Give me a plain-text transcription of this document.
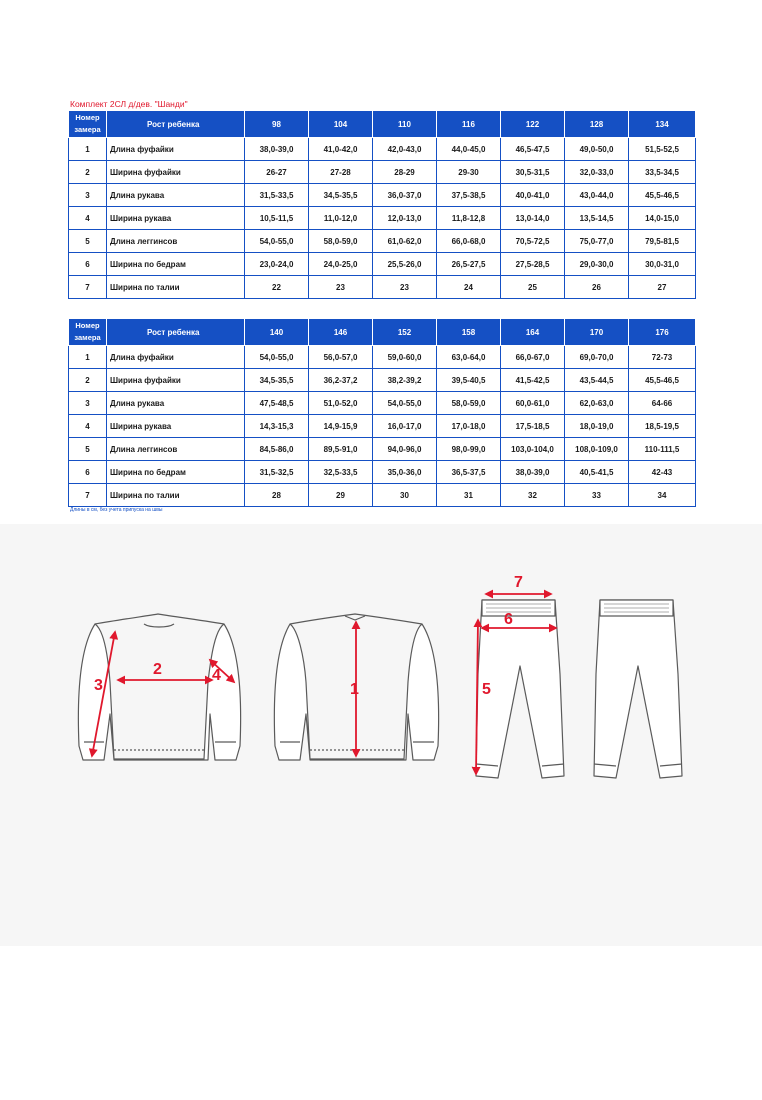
Комплект 2СЛ д/дев. "Шанди"
Номер
замера	Рост ребенка	98	104	110	116	122	128	134
1	Длина фуфайки	38,0-39,0	41,0-42,0	42,0-43,0	44,0-45,0	46,5-47,5	49,0-50,0	51,5-52,5
2	Ширина фуфайки	26-27	27-28	28-29	29-30	30,5-31,5	32,0-33,0	33,5-34,5
3	Длина рукава	31,5-33,5	34,5-35,5	36,0-37,0	37,5-38,5	40,0-41,0	43,0-44,0	45,5-46,5
4	Ширина рукава	10,5-11,5	11,0-12,0	12,0-13,0	11,8-12,8	13,0-14,0	13,5-14,5	14,0-15,0
5	Длина леггинсов	54,0-55,0	58,0-59,0	61,0-62,0	66,0-68,0	70,5-72,5	75,0-77,0	79,5-81,5
6	Ширина по бедрам	23,0-24,0	24,0-25,0	25,5-26,0	26,5-27,5	27,5-28,5	29,0-30,0	30,0-31,0
7	Ширина по талии	22	23	23	24	25	26	27
Номер
замера	Рост ребенка	140	146	152	158	164	170	176
1	Длина фуфайки	54,0-55,0	56,0-57,0	59,0-60,0	63,0-64,0	66,0-67,0	69,0-70,0	72-73
2	Ширина фуфайки	34,5-35,5	36,2-37,2	38,2-39,2	39,5-40,5	41,5-42,5	43,5-44,5	45,5-46,5
3	Длина рукава	47,5-48,5	51,0-52,0	54,0-55,0	58,0-59,0	60,0-61,0	62,0-63,0	64-66
4	Ширина рукава	14,3-15,3	14,9-15,9	16,0-17,0	17,0-18,0	17,5-18,5	18,0-19,0	18,5-19,5
5	Длина леггинсов	84,5-86,0	89,5-91,0	94,0-96,0	98,0-99,0	103,0-104,0	108,0-109,0	110-111,5
6	Ширина по бедрам	31,5-32,5	32,5-33,5	35,0-36,0	36,5-37,5	38,0-39,0	40,5-41,5	42-43
7	Ширина по талии	28	29	30	31	32	33	34
Длины в см, без учета припуска на швы
1
2
3
4
5
6
7
